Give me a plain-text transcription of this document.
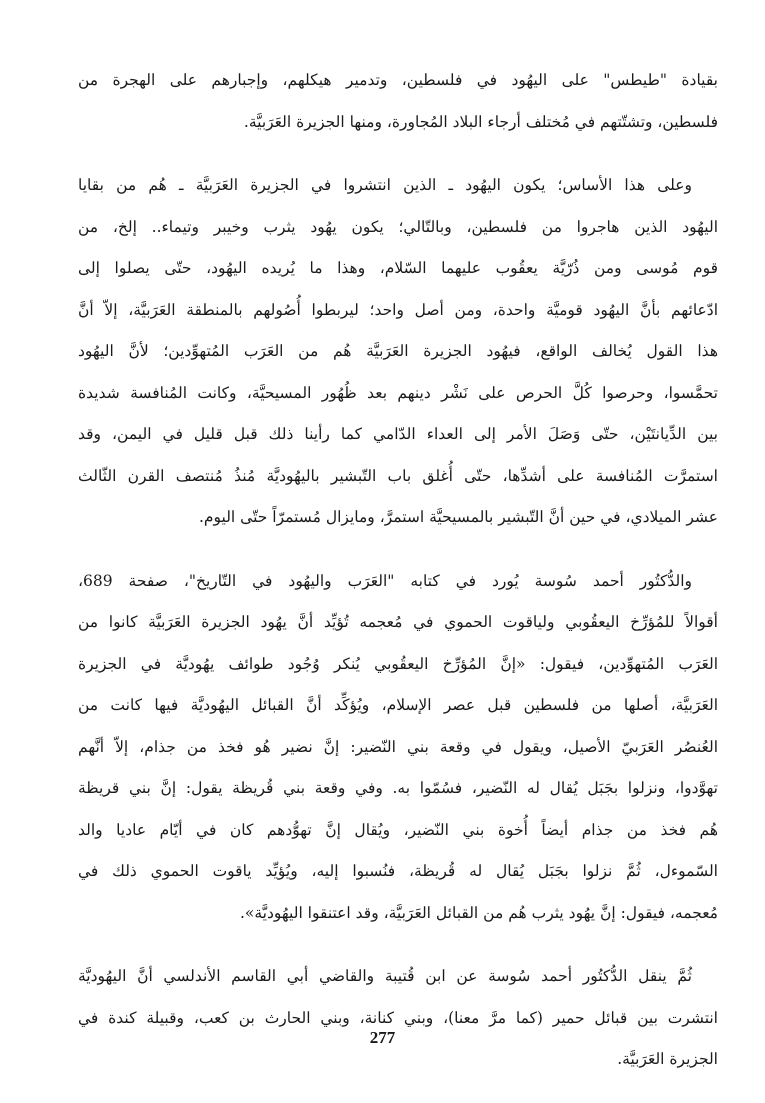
بقيادة "طيطس" على اليهُود في فلسطين، وتدمير هيكلهم، وإجبارهم على الهجرة من
فلسطين، وتشتّتهم في مُختلف أرجاء البلاد المُجاورة، ومنها الجزيرة العَرَبيَّة.
وعلى هذا الأساس؛ يكون اليهُود ـ الذين انتشروا في الجزيرة العَرَبيَّة ـ هُم من بقايا
اليهُود الذين هاجروا من فلسطين، وبالتّالي؛ يكون يهُود يثرب وخيبر وتيماء.. إلخ، من
قوم مُوسى ومن ذُرّيَّة يعقُوب عليهما السّلام، وهذا ما يُريده اليهُود، حتّى يصلوا إلى
ادّعائهم بأنَّ اليهُود قوميَّة واحدة، ومن أصل واحد؛ ليربطوا أُصُولهم بالمنطقة العَرَبيَّة، إلاّ أنَّ
هذا القول يُخالف الواقع، فيهُود الجزيرة العَرَبيَّة هُم من العَرَب المُتهوِّدين؛ لأنَّ اليهُود
تحمَّسوا، وحرصوا كُلَّ الحرص على نَشْر دينهم بعد ظُهُور المسيحيَّة، وكانت المُنافسة شديدة
بين الدِّيانتَيْن، حتّى وَصَلَ الأمر إلى العداء الدّامي كما رأينا ذلك قبل قليل في اليمن، وقد
استمرَّت المُنافسة على أشدِّها، حتّى أُغلق باب التّبشير باليهُوديَّة مُنذُ مُنتصف القرن الثّالث
عشر الميلادي، في حين أنَّ التّبشير بالمسيحيَّة استمرَّ، ومايزال مُستمرّاً حتّى اليوم.
والدُّكتُور أحمد سُوسة يُورد في كتابه "العَرَب واليهُود في التّاريخ"، صفحة 689،
أقوالاً للمُؤرِّخ اليعقُوبي ولياقوت الحموي في مُعجمه تُؤيِّد أنَّ يهُود الجزيرة العَرَبيَّة كانوا من
العَرَب المُتهوِّدين، فيقول: «إنَّ المُؤرِّخ اليعقُوبي يُنكر وُجُود طوائف يهُوديَّة في الجزيرة
العَرَبيَّة، أصلها من فلسطين قبل عصر الإسلام، ويُؤكِّد أنَّ القبائل اليهُوديَّة فيها كانت من
العُنصُر العَرَبيّ الأصيل، ويقول في وقعة بني النّضير: إنَّ نضير هُو فخذ من جذام، إلاّ أنَّهم
تهوَّدوا، ونزلوا بجَبَل يُقال له النّضير، فسُمّوا به. وفي وقعة بني قُريظة يقول: إنَّ بني قريظة
هُم فخذ من جذام أيضاً أُخوة بني النّضير، ويُقال إنَّ تهوُّدهم كان في أيّام عاديا والد
السّموءل، ثُمَّ نزلوا بجَبَل يُقال له قُريظة، فنُسبوا إليه، ويُؤيِّد ياقوت الحموي ذلك في
مُعجمه، فيقول: إنَّ يهُود يثرب هُم من القبائل العَرَبيَّة، وقد اعتنقوا اليهُوديَّة».
ثُمَّ ينقل الدُّكتُور أحمد سُوسة عن ابن قُتيبة والقاضي أبي القاسم الأندلسي أنَّ اليهُوديَّة
انتشرت بين قبائل حمير (كما مرَّ معنا)، وبني كنانة، وبني الحارث بن كعب، وقبيلة كندة في
الجزيرة العَرَبيَّة.
277
